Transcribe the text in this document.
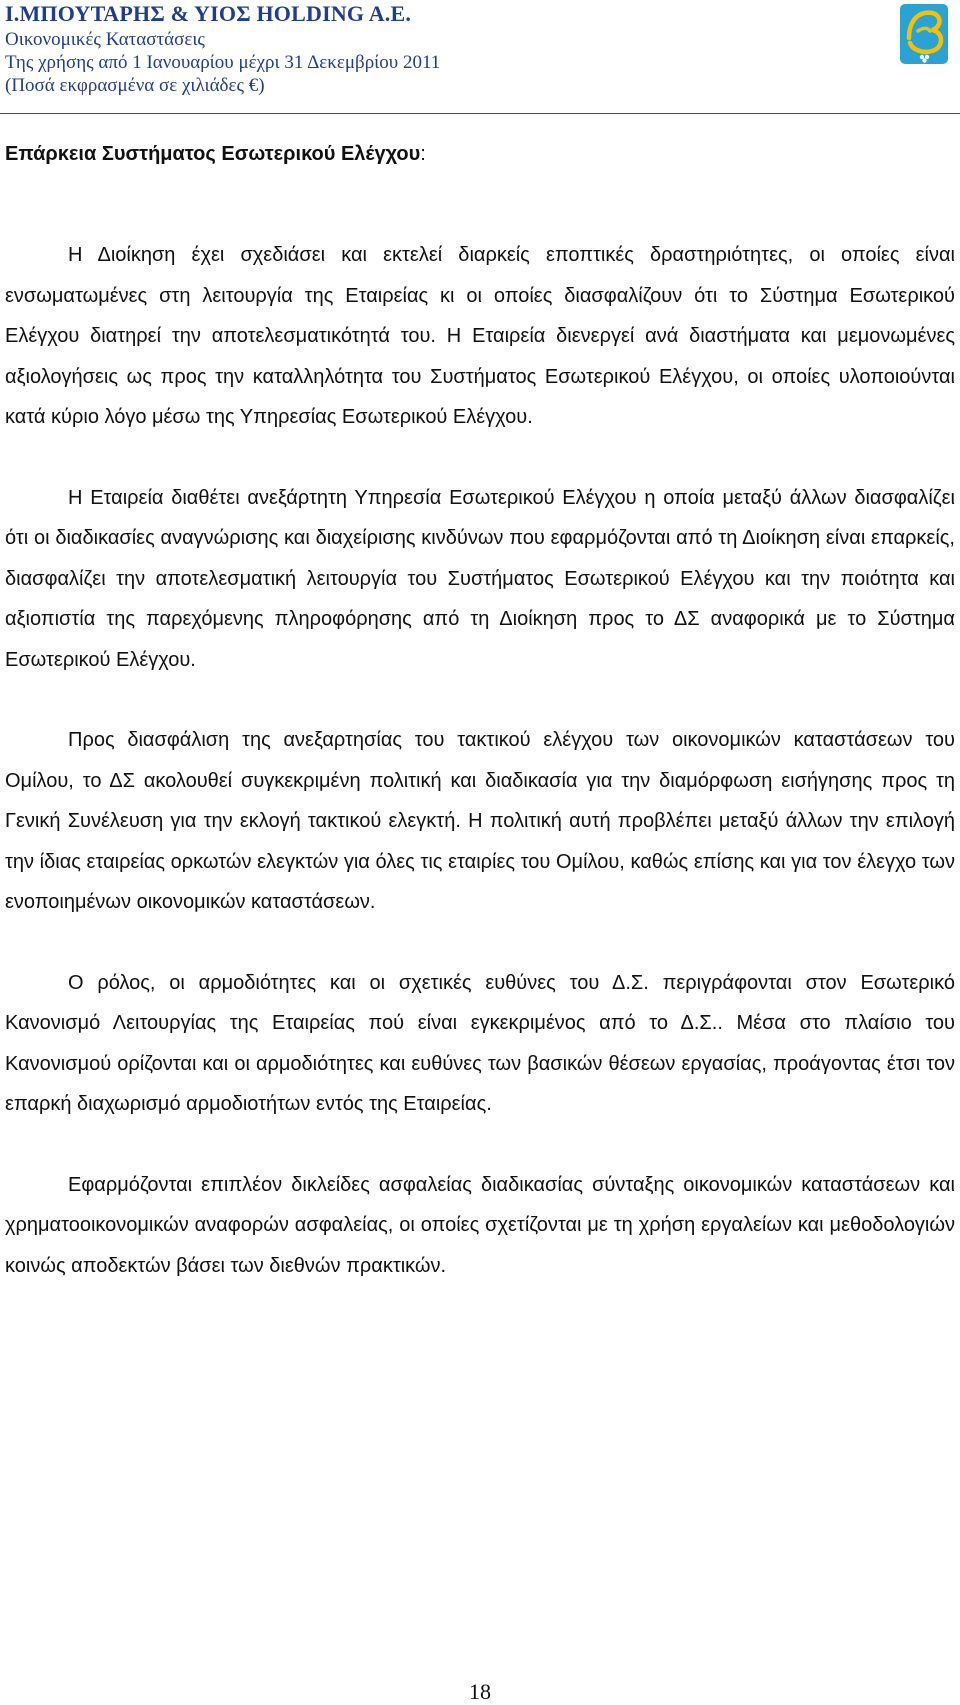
Ι.ΜΠΟΥΤΑΡΗΣ & ΥΙΟΣ HOLDING A.E.
Οικονομικές Καταστάσεις
Της χρήσης από 1 Ιανουαρίου μέχρι 31 Δεκεμβρίου 2011
(Ποσά εκφρασμένα σε χιλιάδες €)
Επάρκεια Συστήματος Εσωτερικού Ελέγχου:

Η Διοίκηση έχει σχεδιάσει και εκτελεί διαρκείς εποπτικές δραστηριότητες, οι οποίες είναι ενσωματωμένες στη λειτουργία της Εταιρείας κι οι οποίες διασφαλίζουν ότι το Σύστημα Εσωτερικού Ελέγχου διατηρεί την αποτελεσματικότητά του. Η Εταιρεία διενεργεί ανά διαστήματα και μεμονωμένες αξιολογήσεις ως προς την καταλληλότητα του Συστήματος Εσωτερικού Ελέγχου, οι οποίες υλοποιούνται κατά κύριο λόγο μέσω της Υπηρεσίας Εσωτερικού Ελέγχου.

Η Εταιρεία διαθέτει ανεξάρτητη Υπηρεσία Εσωτερικού Ελέγχου η οποία μεταξύ άλλων διασφαλίζει ότι οι διαδικασίες αναγνώρισης και διαχείρισης κινδύνων που εφαρμόζονται από τη Διοίκηση είναι επαρκείς, διασφαλίζει την αποτελεσματική λειτουργία του Συστήματος Εσωτερικού Ελέγχου και την ποιότητα και αξιοπιστία της παρεχόμενης πληροφόρησης από τη Διοίκηση προς το ΔΣ αναφορικά με το Σύστημα Εσωτερικού Ελέγχου.

Προς διασφάλιση της ανεξαρτησίας του τακτικού ελέγχου των οικονομικών καταστάσεων του Ομίλου, το ΔΣ ακολουθεί συγκεκριμένη πολιτική και διαδικασία για την διαμόρφωση εισήγησης προς τη Γενική Συνέλευση για την εκλογή τακτικού ελεγκτή. Η πολιτική αυτή προβλέπει μεταξύ άλλων την επιλογή την ίδιας εταιρείας ορκωτών ελεγκτών για όλες τις εταιρίες του Ομίλου, καθώς επίσης και για τον έλεγχο των ενοποιημένων οικονομικών καταστάσεων.

Ο ρόλος, οι αρμοδιότητες και οι σχετικές ευθύνες του Δ.Σ. περιγράφονται στον Εσωτερικό Κανονισμό Λειτουργίας της Εταιρείας πού είναι εγκεκριμένος από το Δ.Σ.. Μέσα στο πλαίσιο του Κανονισμού ορίζονται και οι αρμοδιότητες και ευθύνες των βασικών θέσεων εργασίας, προάγοντας έτσι τον επαρκή διαχωρισμό αρμοδιοτήτων εντός της Εταιρείας.

Εφαρμόζονται επιπλέον δικλείδες ασφαλείας διαδικασίας σύνταξης οικονομικών καταστάσεων και χρηματοοικονομικών αναφορών ασφαλείας, οι οποίες σχετίζονται με τη χρήση εργαλείων και μεθοδολογιών κοινώς αποδεκτών βάσει των διεθνών πρακτικών.

18
